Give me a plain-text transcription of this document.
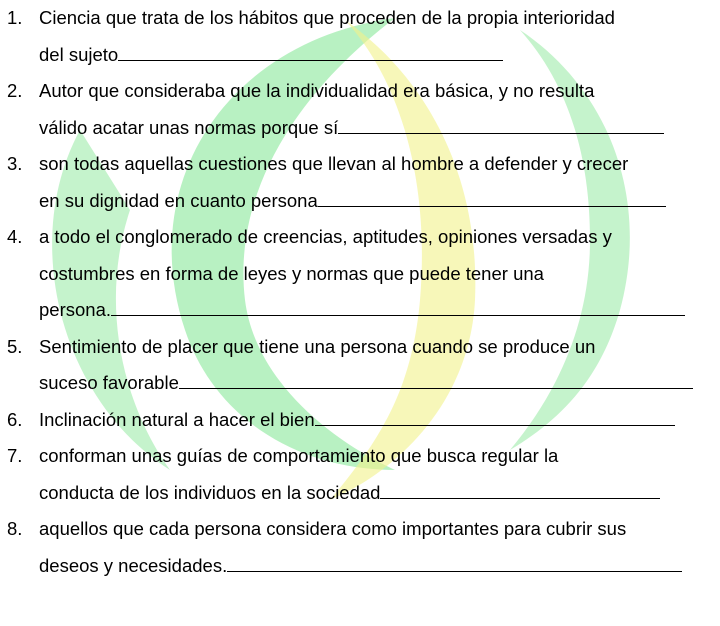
1. Ciencia que trata de los hábitos que proceden de la propia interioridad
del sujeto
2. Autor que consideraba que la individualidad era básica, y no resulta
válido acatar unas normas porque sí
3. son todas aquellas cuestiones que llevan al hombre a defender y crecer
en su dignidad en cuanto persona
4. a todo el conglomerado de creencias, aptitudes, opiniones versadas y
costumbres en forma de leyes y normas que puede tener una
persona.
5. Sentimiento de placer que tiene una persona cuando se produce un
suceso favorable
6. Inclinación natural a hacer el bien
7. conforman unas guías de comportamiento que busca regular la
conducta de los individuos en la sociedad
8. aquellos que cada persona considera como importantes para cubrir sus
deseos y necesidades.
